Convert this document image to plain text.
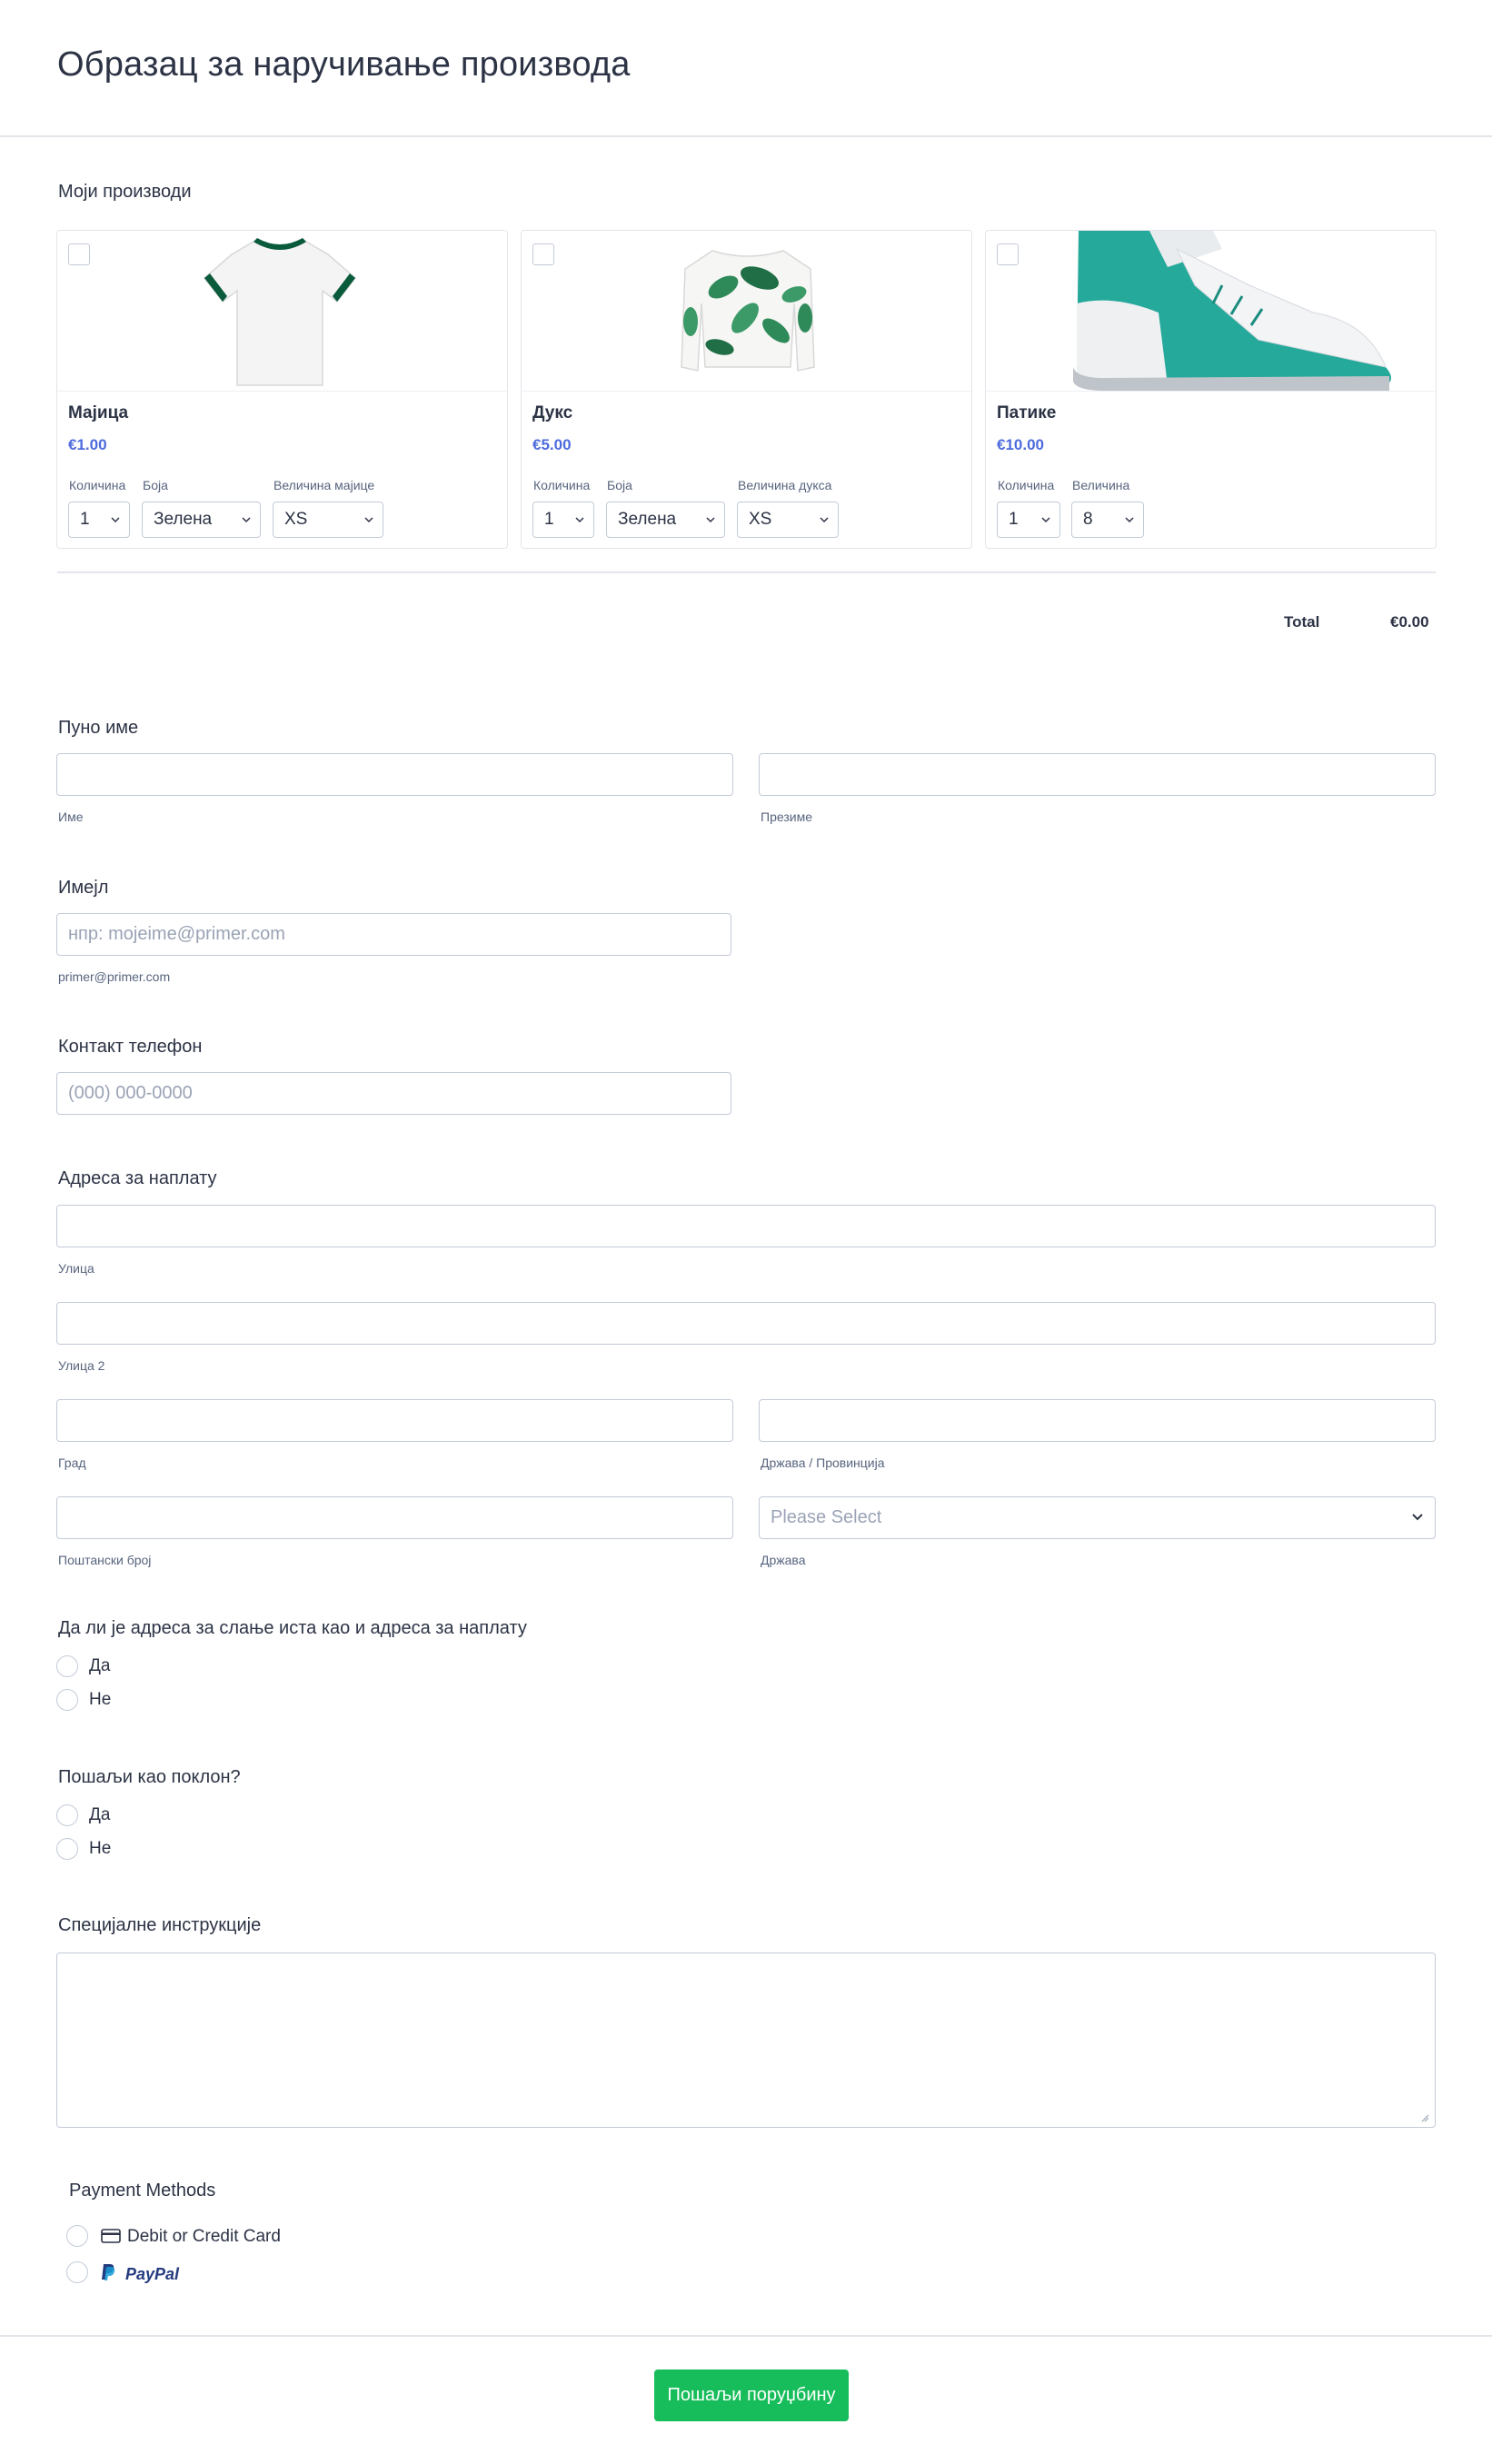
Образац за наручивање производа
Моји производи
Мајица
€1.00
Количина Боја	Величина мајице
1	Зелена	XS
Дукс
€5.00
Количина Боја	Величина дукса
1	Зелена	XS
Патике
€10.00
Количина Величина
1	8
Total	€0.00
Пуно име
Име	Презиме
Имејл
нпр: mojeime@primer.com
primer@primer.com
Контакт телефон
(000) 000-0000
Адреса за наплату
Улица
Улица 2
Град	Држава / Провинција
Please Select
Поштански број	Држава
Да ли је адреса за слање иста као и адреса за наплату
Да
Не
Пошаљи као поклон?
Да
Не
Специјалне инструкције
Payment Methods
Debit or Credit Card
PayPal
Пошаљи поруџбину
